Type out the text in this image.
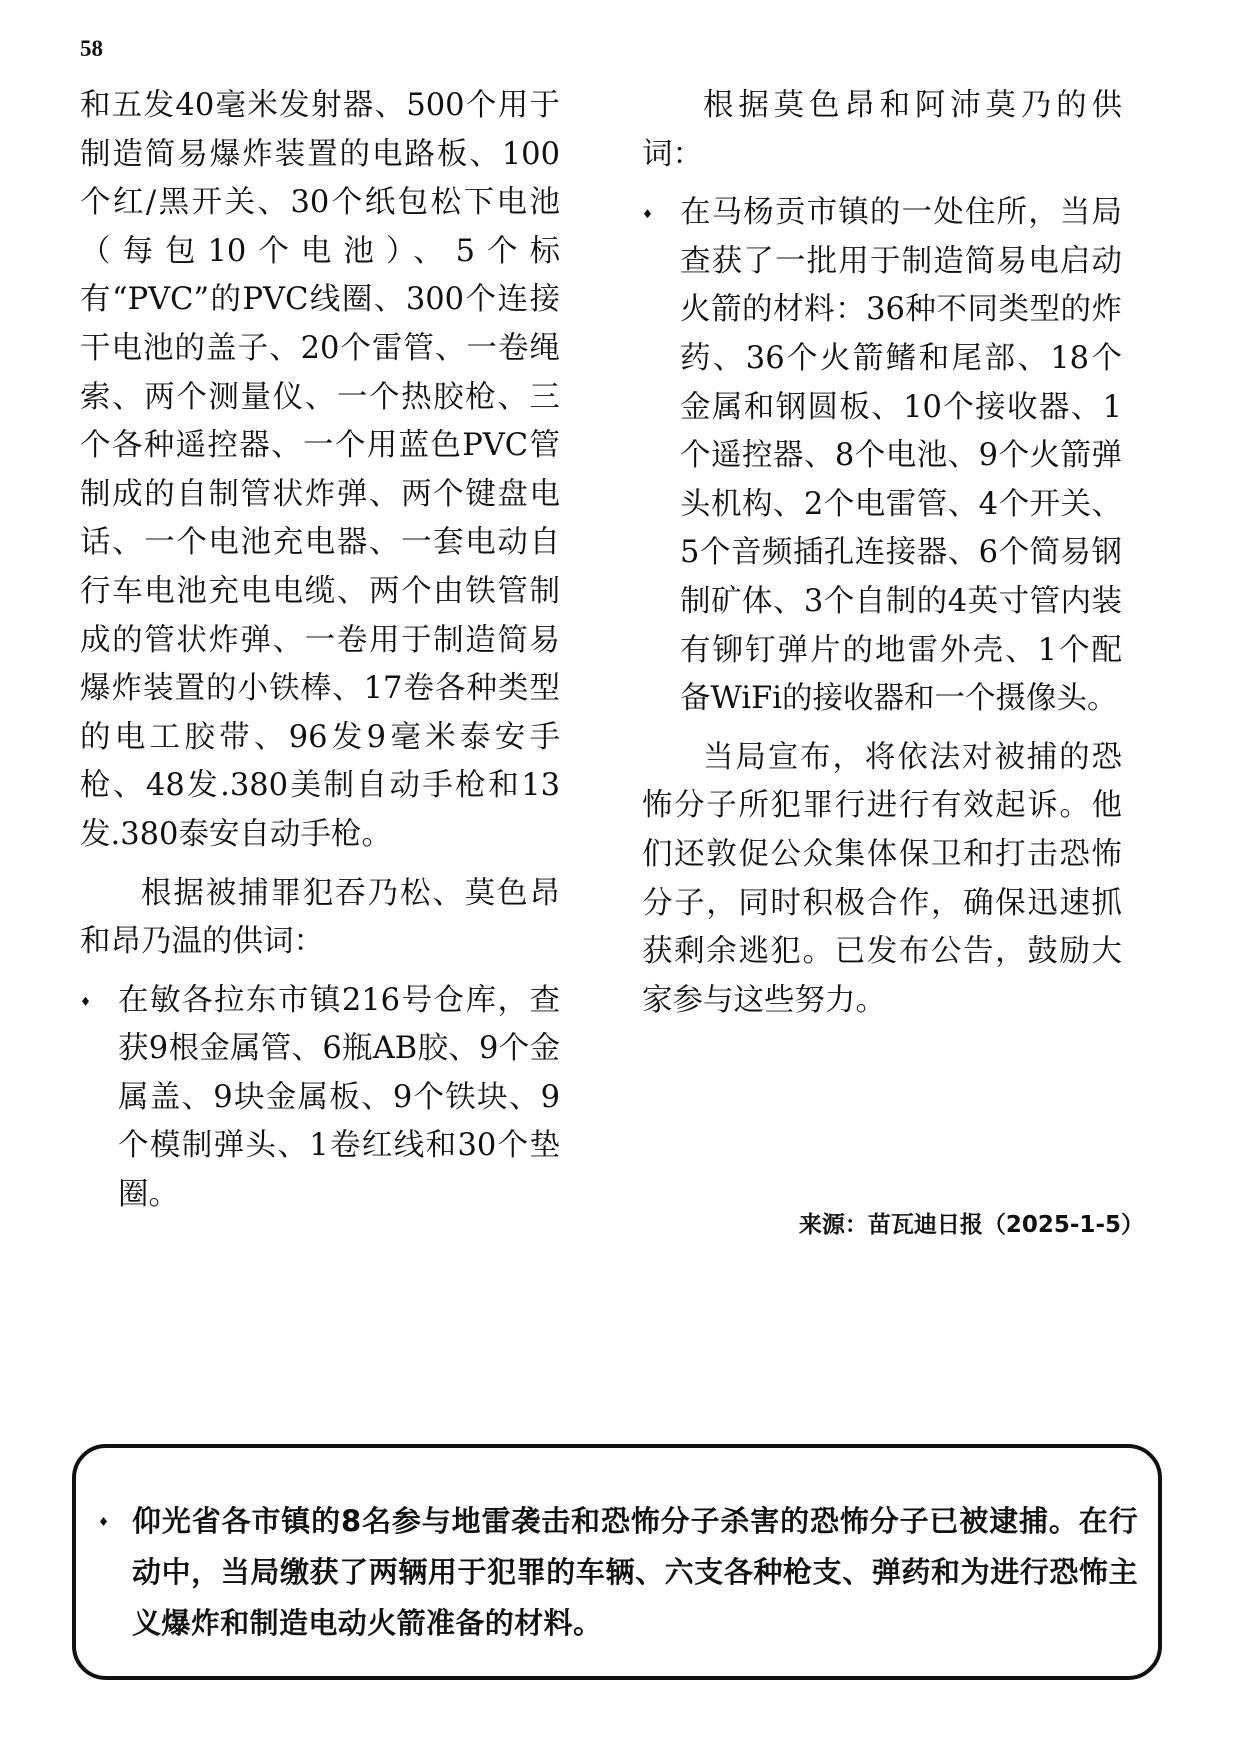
58

和五发40毫米发射器、500个用于制造简易爆炸装置的电路板、100个红/黑开关、30个纸包松下电池（每包10个电池）、5个标有“PVC”的PVC线圈、300个连接干电池的盖子、20个雷管、一卷绳索、两个测量仪、一个热胶枪、三个各种遥控器、一个用蓝色PVC管制成的自制管状炸弹、两个键盘电话、一个电池充电器、一套电动自行车电池充电电缆、两个由铁管制成的管状炸弹、一卷用于制造简易爆炸装置的小铁棒、17卷各种类型的电工胶带、96发9毫米泰安手枪、48发.380美制自动手枪和13发.380泰安自动手枪。

根据被捕罪犯吞乃松、莫色昂和昂乃温的供词：

在敏各拉东市镇216号仓库，查获9根金属管、6瓶AB胶、9个金属盖、9块金属板、9个铁块、9个模制弹头、1卷红线和30个垫圈。

根据莫色昂和阿沛莫乃的供词：

在马杨贡市镇的一处住所，当局查获了一批用于制造简易电启动火箭的材料：36种不同类型的炸药、36个火箭鳍和尾部、18个金属和钢圆板、10个接收器、1个遥控器、8个电池、9个火箭弹头机构、2个电雷管、4个开关、5个音频插孔连接器、6个简易钢制矿体、3个自制的4英寸管内装有铆钉弹片的地雷外壳、1个配备WiFi的接收器和一个摄像头。

当局宣布，将依法对被捕的恐怖分子所犯罪行进行有效起诉。他们还敦促公众集体保卫和打击恐怖分子，同时积极合作，确保迅速抓获剩余逃犯。已发布公告，鼓励大家参与这些努力。

来源：苗瓦迪日报（2025-1-5）

仰光省各市镇的8名参与地雷袭击和恐怖分子杀害的恐怖分子已被逮捕。在行动中，当局缴获了两辆用于犯罪的车辆、六支各种枪支、弹药和为进行恐怖主义爆炸和制造电动火箭准备的材料。
